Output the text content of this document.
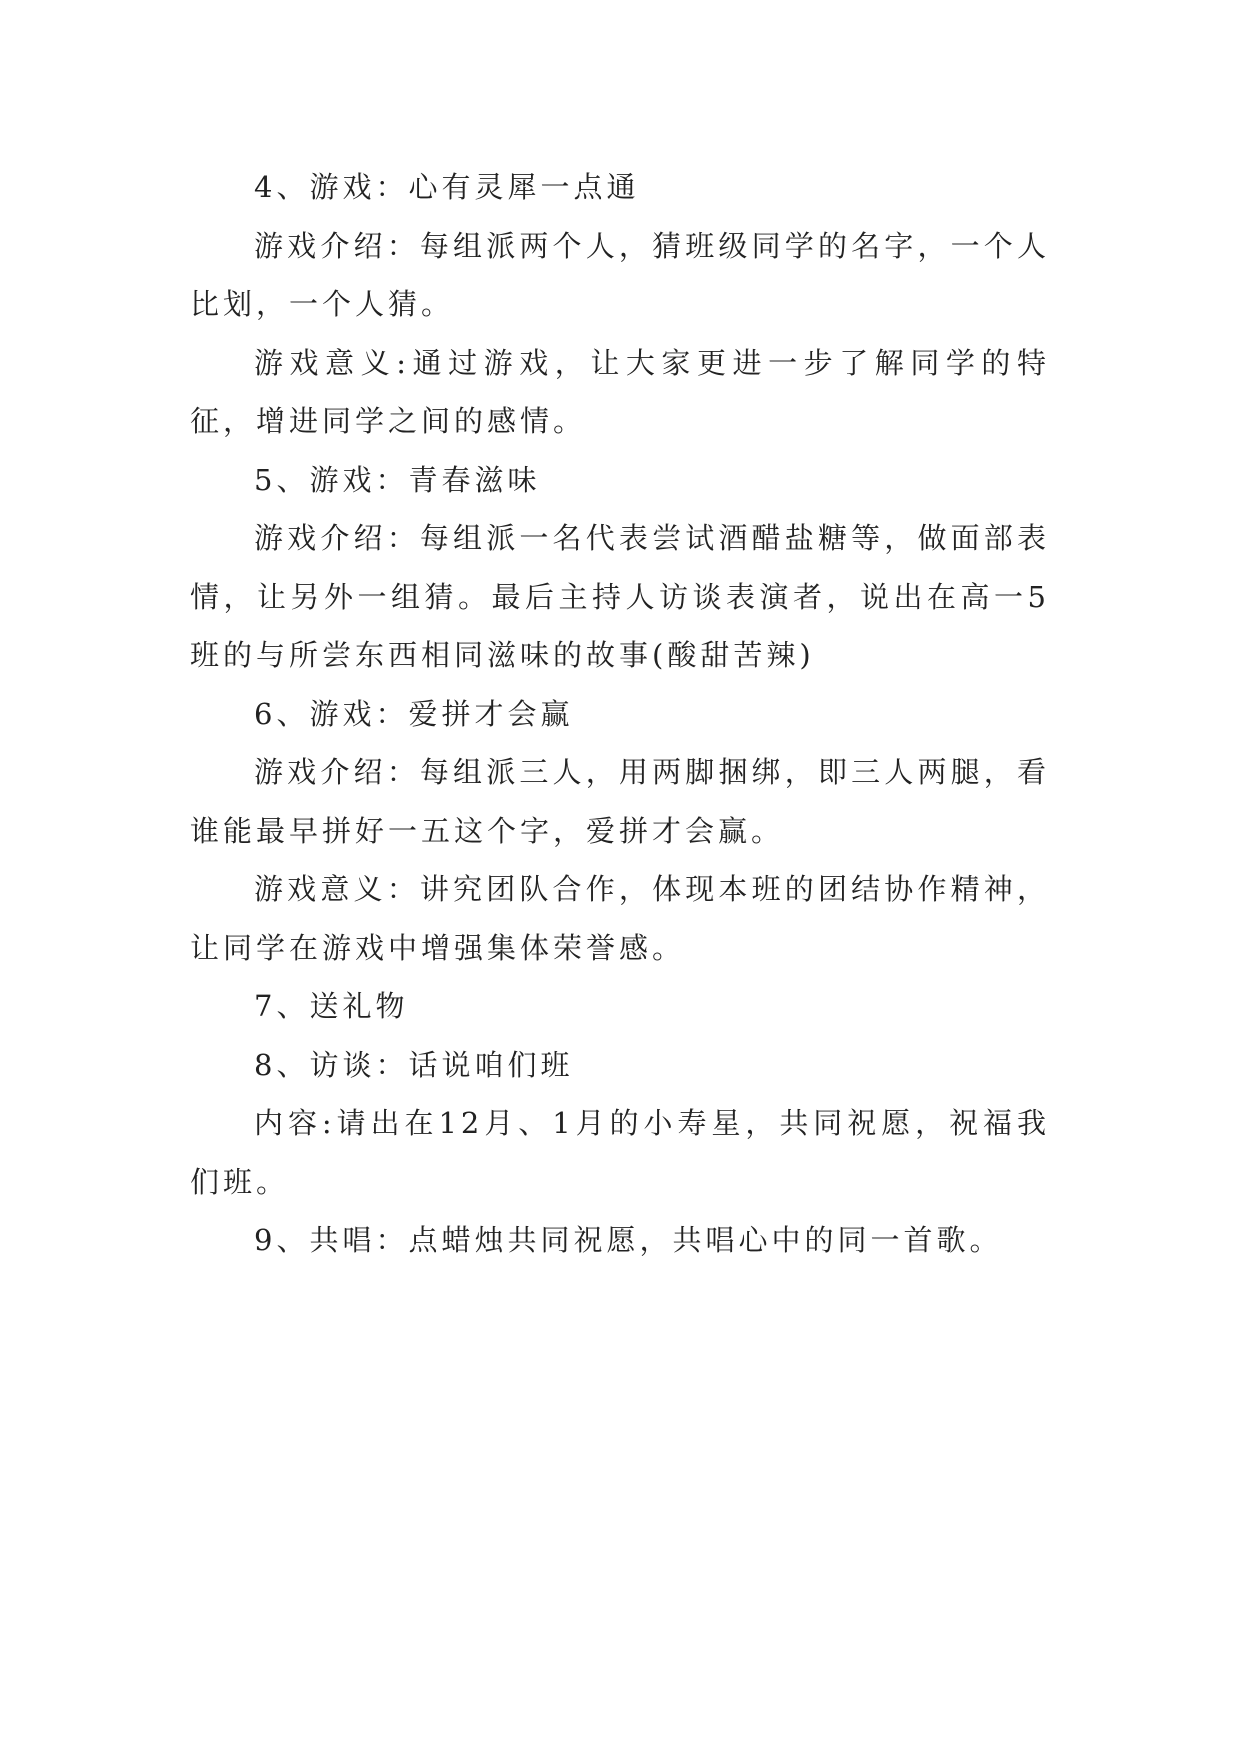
4、游戏：心有灵犀一点通

游戏介绍：每组派两个人，猜班级同学的名字，一个人比划，一个人猜。

游戏意义:通过游戏，让大家更进一步了解同学的特征，增进同学之间的感情。

5、游戏：青春滋味

游戏介绍：每组派一名代表尝试酒醋盐糖等，做面部表情，让另外一组猜。最后主持人访谈表演者，说出在高一5班的与所尝东西相同滋味的故事(酸甜苦辣)

6、游戏：爱拼才会赢

游戏介绍：每组派三人，用两脚捆绑，即三人两腿，看谁能最早拼好一五这个字，爱拼才会赢。

游戏意义：讲究团队合作，体现本班的团结协作精神，让同学在游戏中增强集体荣誉感。

7、送礼物

8、访谈：话说咱们班

内容:请出在12月、1月的小寿星，共同祝愿，祝福我们班。

9、共唱：点蜡烛共同祝愿，共唱心中的同一首歌。
